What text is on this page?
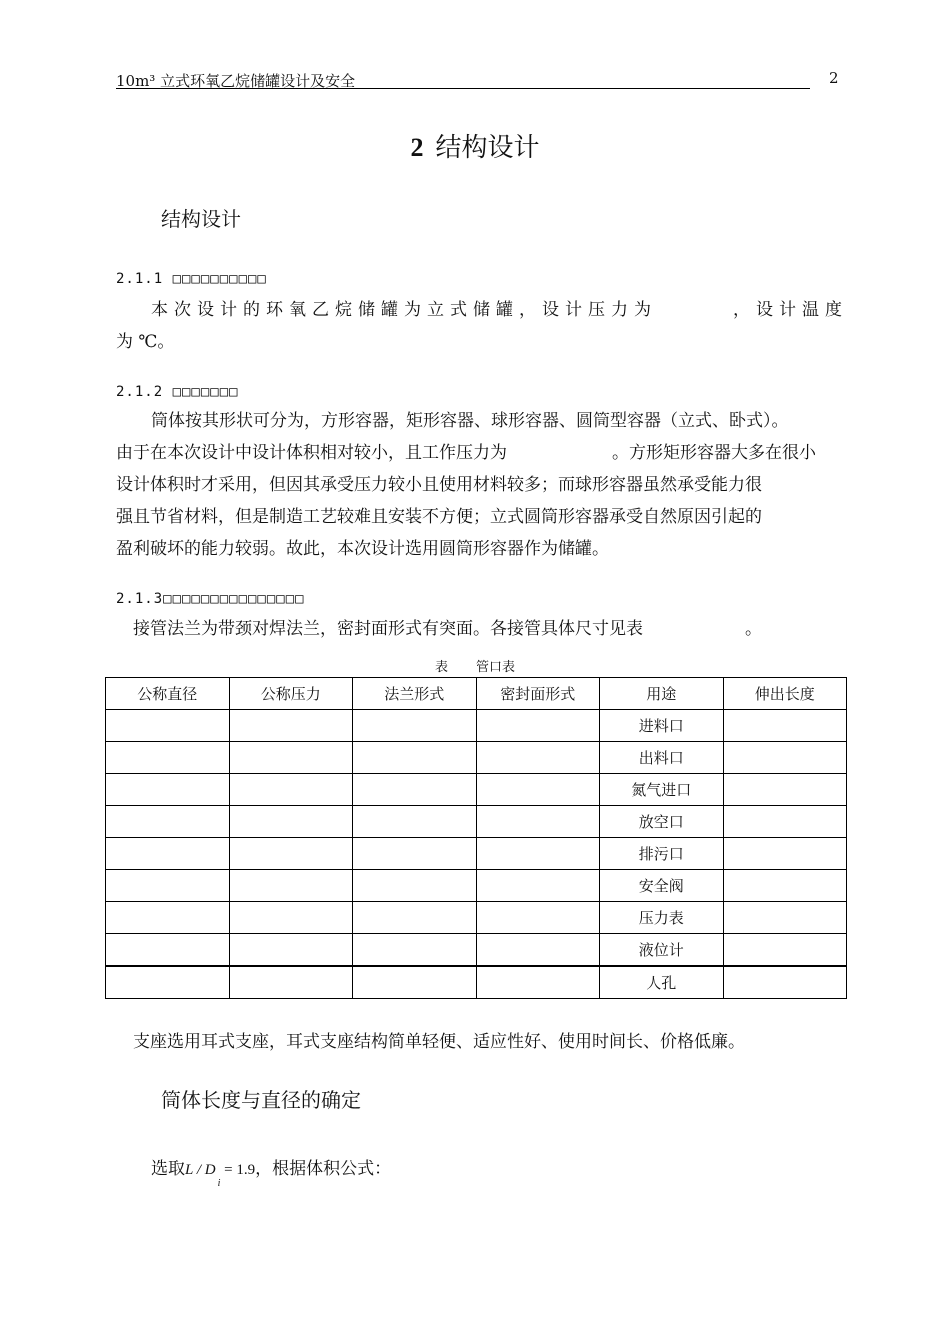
10m³ 立式环氧乙烷储罐设计及安全	2
2 结构设计
结构设计
2.1.1 □□□□□□□□□□
本次设计的环氧乙烷储罐为立式储罐，设计压力为	，设计温度
为 ℃。
2.1.2 □□□□□□□
筒体按其形状可分为，方形容器，矩形容器、球形容器、圆筒型容器（立式、卧式）。
由于在本次设计中设计体积相对较小，且工作压力为	。方形矩形容器大多在很小
设计体积时才采用，但因其承受压力较小且使用材料较多；而球形容器虽然承受能力很
强且节省材料，但是制造工艺较难且安装不方便；立式圆筒形容器承受自然原因引起的
盈利破坏的能力较弱。故此，本次设计选用圆筒形容器作为储罐。
2.1.3□□□□□□□□□□□□□□□
接管法兰为带颈对焊法兰，密封面形式有突面。各接管具体尺寸见表	。
表 管口表
公称直径	公称压力	法兰形式	密封面形式	用途	伸出长度
				进料口	
				出料口	
				氮气进口	
				放空口	
				排污口	
				安全阀	
				压力表	
				液位计	
				人孔	
支座选用耳式支座，耳式支座结构简单轻便、适应性好、使用时间长、价格低廉。
筒体长度与直径的确定
选取$L / D_i = 1.9$，根据体积公式：
